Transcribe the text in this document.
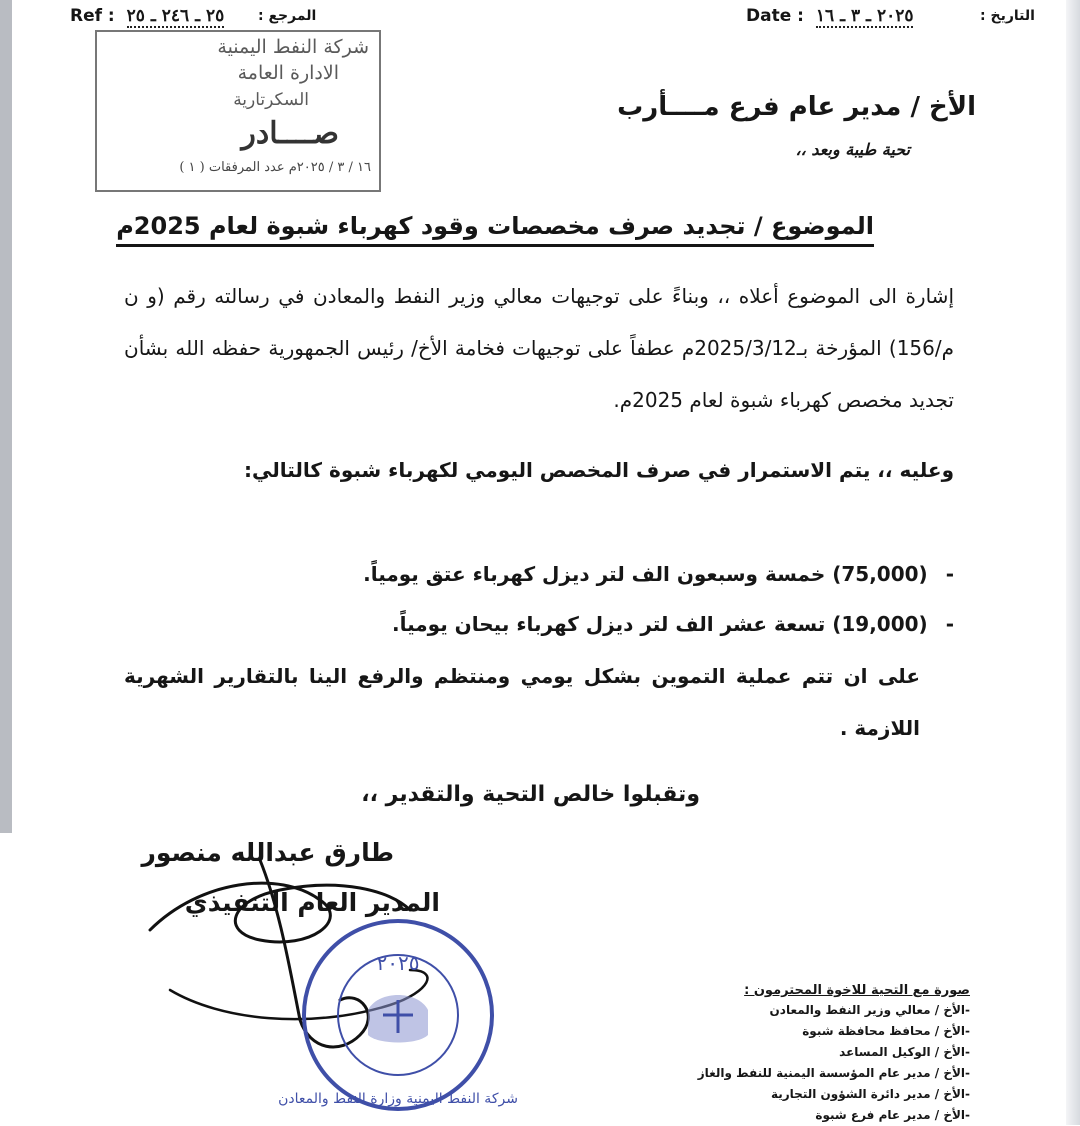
Ref : ٢٥ ـ ٢٤٦ ـ ٢٥ المرجع :	Date : ٢٠٢٥ ـ ٣ ـ ١٦	التاريخ :
شركة النفط اليمنية
الادارة العامة
السكرتارية
صــــادر
١٦ / ٣ / ٢٠٢٥م عدد المرفقات ( ١ )
الأخ / مدير عام فرع مــــأرب
تحية طيبة وبعد ،،
الموضوع / تجديد صرف مخصصات وقود كهرباء شبوة لعام 2025م
إشارة الى الموضوع أعلاه ،، وبناءً على توجيهات معالي وزير النفط والمعادن في رسالته رقم (و ن م/156) المؤرخة بـ2025/3/12م عطفاً على توجيهات فخامة الأخ/ رئيس الجمهورية حفظه الله بشأن تجديد مخصص كهرباء شبوة لعام 2025م.
وعليه ،، يتم الاستمرار في صرف المخصص اليومي لكهرباء شبوة كالتالي:
-(75,000) خمسة وسبعون الف لتر ديزل كهرباء عتق يومياً.
-(19,000) تسعة عشر الف لتر ديزل كهرباء بيحان يومياً.
على ان تتم عملية التموين بشكل يومي ومنتظم والرفع الينا بالتقارير الشهرية اللازمة .
وتقبلوا خالص التحية والتقدير ،،
طارق عبدالله منصور
المدير العام التنفيذي
٢٠٢٥
شركة النفط اليمنية وزارة النفط والمعادن
صورة مع التحية للاخوة المحترمون :
-الأخ / معالي وزير النفط والمعادن
-الأخ / محافظ محافظة شبوة
-الأخ / الوكيل المساعد
-الأخ / مدير عام المؤسسة اليمنية للنفط والغاز
-الأخ / مدير دائرة الشؤون التجارية
-الأخ / مدير عام فرع شبوة
